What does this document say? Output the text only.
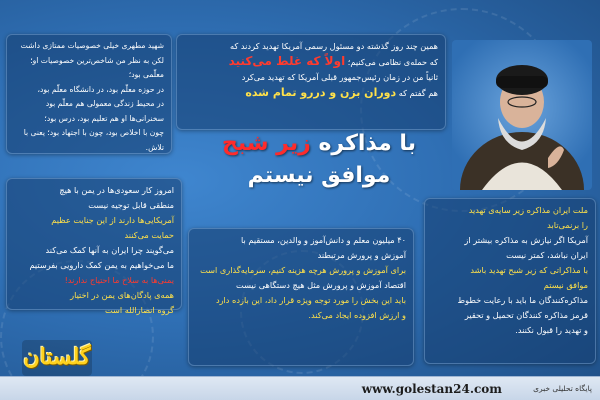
همین چند روز گذشته دو مسئول رسمی آمریکا تهدید کردند که

که حمله‌ی نظامی می‌کنیم؛ اولاً که غلط می‌کنید

ثانیاً من در زمان رئیس‌جمهور قبلی آمریکا که تهدید می‌کرد

هم گفتم که دوران بزن و دررو تمام شده

شهید مطهری خیلی خصوصیات ممتازی داشت

لکن به نظر من شاخص‌ترین خصوصیات او؛ معلّمی بود؛

در حوزه معلّم بود، در دانشگاه معلّم بود،

در محیط زندگی معمولی هم معلّم بود

سخنرانی‌ها او هم تعلیم بود، درس بود؛

چون با اخلاص بود، چون با اجتهاد بود؛ یعنی با تلاش.	با مذاکره زیر شبح
موافق نیستم

امروز کار سعودی‌ها در یمن با هیچ

منطقی قابل توجیه نیست

آمریکایی‌ها دارند از این جنایت عظیم

حمایت می‌کنند

می‌گویند چرا ایران به آنها کمک می‌کند

ما می‌خواهیم به یمن کمک دارویی بفرستیم

یمنی‌ها به سلاح ما احتیاج ندارند!

همه‌ی پادگان‌های یمن در اختیار

گروه انصارالله است

۴۰ میلیون معلم و دانش‌آموز و والدین، مستقیم با

آموزش و پرورش مرتبطند

برای آموزش و پرورش هرچه هزینه کنیم، سرمایه‌گذاری است

اقتصاد آموزش و پرورش مثل هیچ دستگاهی نیست

باید این بخش را مورد توجه ویژه قرار داد، این بازده دارد

و ارزش افزوده ایجاد می‌کند.

ملت ایران مذاکره زیر سایه‌ی تهدید

را برنمی‌تابد

آمریکا اگر نیازش به مذاکره بیشتر از

ایران نباشد، کمتر نیست

با مذاکراتی که زیر شبح تهدید باشد

موافق نیستم

مذاکره‌کنندگان ما باید با رعایت خطوط

قرمز مذاکره کنندگان تحمیل و تحقیر

و تهدید را قبول نکنند.

گلستان
www.golestan24.com	پایگاه تحلیلی خبری
